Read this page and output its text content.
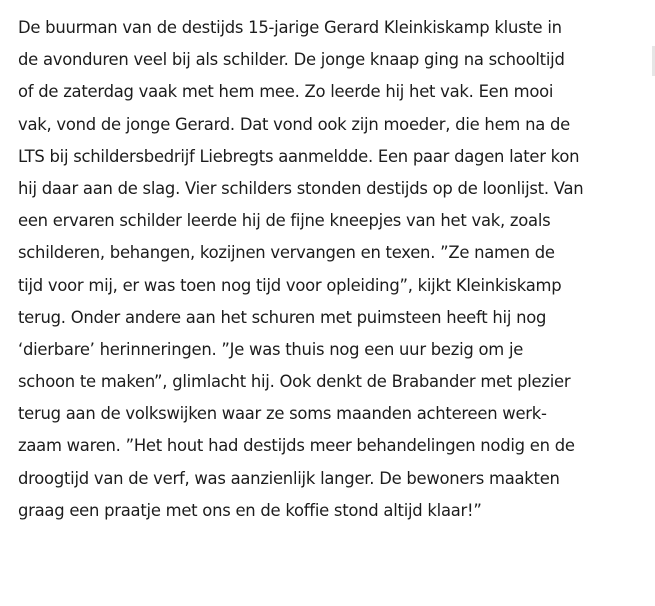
De buurman van de destijds 15-jarige Gerard Kleinkiskamp kluste in
de avonduren veel bij als schilder. De jonge knaap ging na schooltijd
of de zaterdag vaak met hem mee. Zo leerde hij het vak. Een mooi
vak, vond de jonge Gerard. Dat vond ook zijn moeder, die hem na de
LTS bij schildersbedrijf Liebregts aanmeldde. Een paar dagen later kon
hij daar aan de slag. Vier schilders stonden destijds op de loonlijst. Van
een ervaren schilder leerde hij de fijne kneepjes van het vak, zoals
schilderen, behangen, kozijnen vervangen en texen. ”Ze namen de
tijd voor mij, er was toen nog tijd voor opleiding”, kijkt Kleinkiskamp
terug. Onder andere aan het schuren met puimsteen heeft hij nog
‘dierbare’ herinneringen. ”Je was thuis nog een uur bezig om je
schoon te maken”, glimlacht hij. Ook denkt de Brabander met plezier
terug aan de volkswijken waar ze soms maanden achtereen werk-
zaam waren. ”Het hout had destijds meer behandelingen nodig en de
droogtijd van de verf, was aanzienlijk langer. De bewoners maakten
graag een praatje met ons en de koffie stond altijd klaar!”
